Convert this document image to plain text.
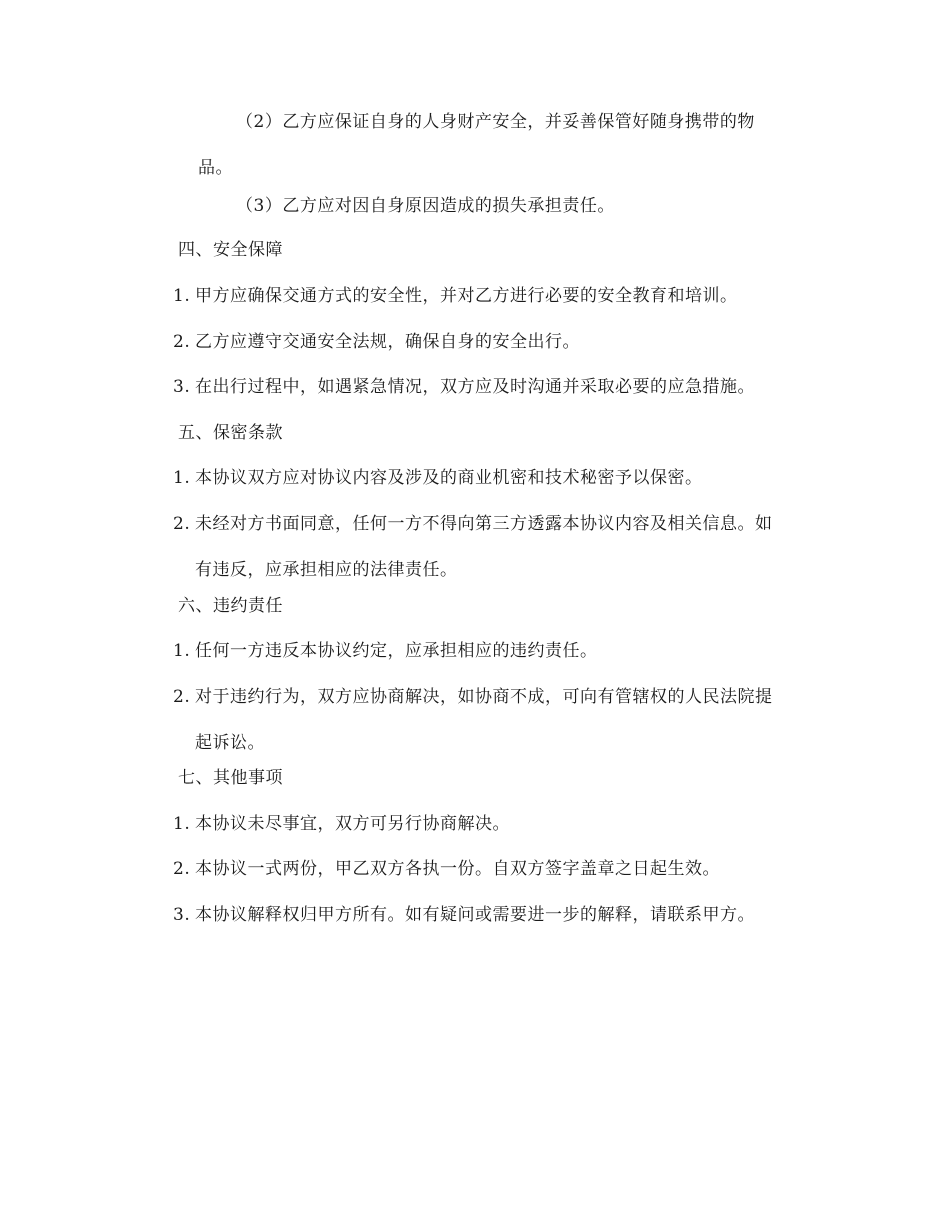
（2）乙方应保证自身的人身财产安全，并妥善保管好随身携带的物
品。

（3）乙方应对因自身原因造成的损失承担责任。

四、安全保障

1. 甲方应确保交通方式的安全性，并对乙方进行必要的安全教育和培训。

2. 乙方应遵守交通安全法规，确保自身的安全出行。

3. 在出行过程中，如遇紧急情况，双方应及时沟通并采取必要的应急措施。

五、保密条款

1. 本协议双方应对协议内容及涉及的商业机密和技术秘密予以保密。

2. 未经对方书面同意，任何一方不得向第三方透露本协议内容及相关信息。如
有违反，应承担相应的法律责任。

六、违约责任

1. 任何一方违反本协议约定，应承担相应的违约责任。

2. 对于违约行为，双方应协商解决，如协商不成，可向有管辖权的人民法院提
起诉讼。

七、其他事项

1. 本协议未尽事宜，双方可另行协商解决。

2. 本协议一式两份，甲乙双方各执一份。自双方签字盖章之日起生效。

3. 本协议解释权归甲方所有。如有疑问或需要进一步的解释，请联系甲方。
